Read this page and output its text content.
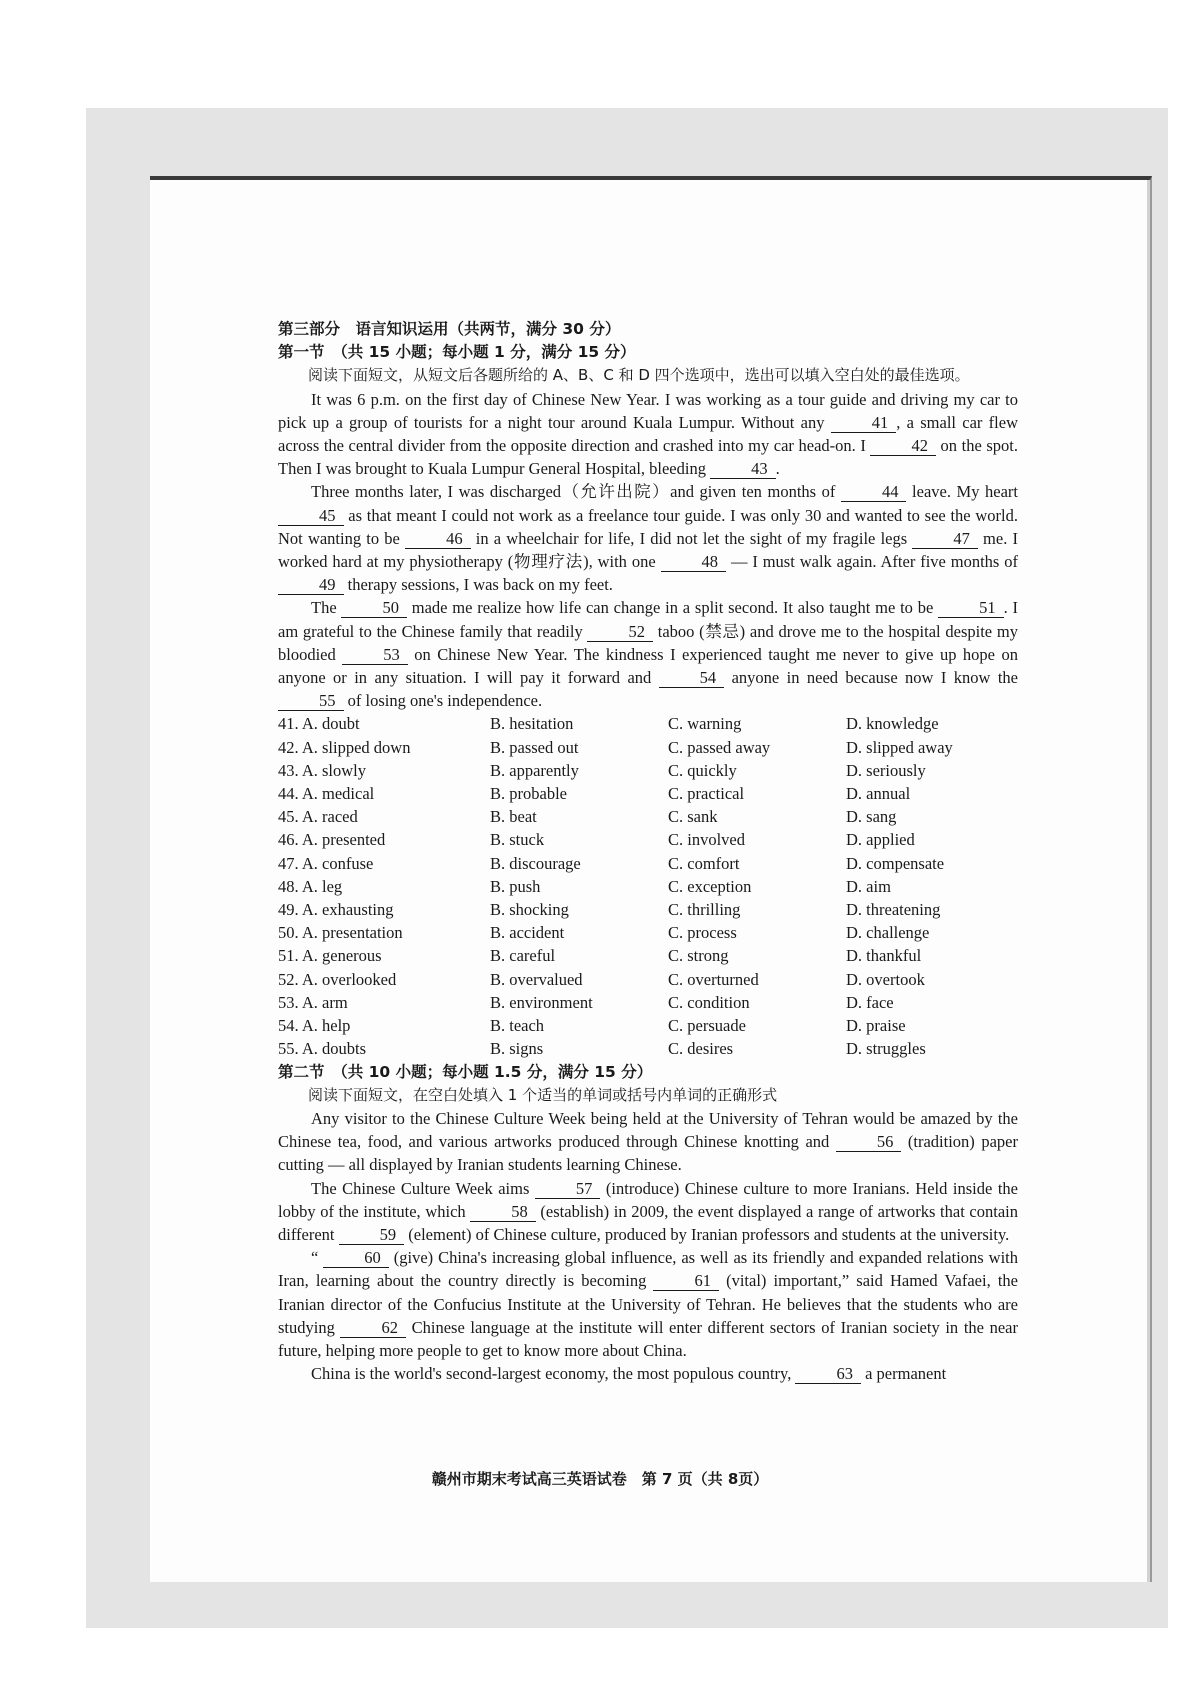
第三部分　语言知识运用（共两节，满分 30 分）
第一节　（共 15 小题；每小题 1 分，满分 15 分）
阅读下面短文，从短文后各题所给的 A、B、C 和 D 四个选项中，选出可以填入空白处的最佳选项。

It was 6 p.m. on the first day of Chinese New Year. I was working as a tour guide and driving my car to pick up a group of tourists for a night tour around Kuala Lumpur. Without any 41 , a small car flew across the central divider from the opposite direction and crashed into my car head-on. I 42 on the spot. Then I was brought to Kuala Lumpur General Hospital, bleeding 43 .

Three months later, I was discharged（允许出院）and given ten months of 44 leave. My heart 45 as that meant I could not work as a freelance tour guide. I was only 30 and wanted to see the world. Not wanting to be 46 in a wheelchair for life, I did not let the sight of my fragile legs 47 me. I worked hard at my physiotherapy (物理疗法), with one 48 — I must walk again. After five months of 49 therapy sessions, I was back on my feet.

The 50 made me realize how life can change in a split second. It also taught me to be 51 . I am grateful to the Chinese family that readily 52 taboo (禁忌) and drove me to the hospital despite my bloodied 53 on Chinese New Year. The kindness I experienced taught me never to give up hope on anyone or in any situation. I will pay it forward and 54 anyone in need because now I know the 55 of losing one's independence.

41. A. doubt	B. hesitation	C. warning	D. knowledge
42. A. slipped down	B. passed out	C. passed away	D. slipped away
43. A. slowly	B. apparently	C. quickly	D. seriously
44. A. medical	B. probable	C. practical	D. annual
45. A. raced	B. beat	C. sank	D. sang
46. A. presented	B. stuck	C. involved	D. applied
47. A. confuse	B. discourage	C. comfort	D. compensate
48. A. leg	B. push	C. exception	D. aim
49. A. exhausting	B. shocking	C. thrilling	D. threatening
50. A. presentation	B. accident	C. process	D. challenge
51. A. generous	B. careful	C. strong	D. thankful
52. A. overlooked	B. overvalued	C. overturned	D. overtook
53. A. arm	B. environment	C. condition	D. face
54. A. help	B. teach	C. persuade	D. praise
55. A. doubts	B. signs	C. desires	D. struggles
第二节　（共 10 小题；每小题 1.5 分，满分 15 分）
阅读下面短文，在空白处填入 1 个适当的单词或括号内单词的正确形式

Any visitor to the Chinese Culture Week being held at the University of Tehran would be amazed by the Chinese tea, food, and various artworks produced through Chinese knotting and 56 (tradition) paper cutting — all displayed by Iranian students learning Chinese.

The Chinese Culture Week aims 57 (introduce) Chinese culture to more Iranians. Held inside the lobby of the institute, which 58 (establish) in 2009, the event displayed a range of artworks that contain different 59 (element) of Chinese culture, produced by Iranian professors and students at the university.

“ 60 (give) China's increasing global influence, as well as its friendly and expanded relations with Iran, learning about the country directly is becoming 61 (vital) important,” said Hamed Vafaei, the Iranian director of the Confucius Institute at the University of Tehran. He believes that the students who are studying 62 Chinese language at the institute will enter different sectors of Iranian society in the near future, helping more people to get to know more about China.

China is the world's second-largest economy, the most populous country, 63 a permanent

赣州市期末考试高三英语试卷　第 7 页（共 8页）
